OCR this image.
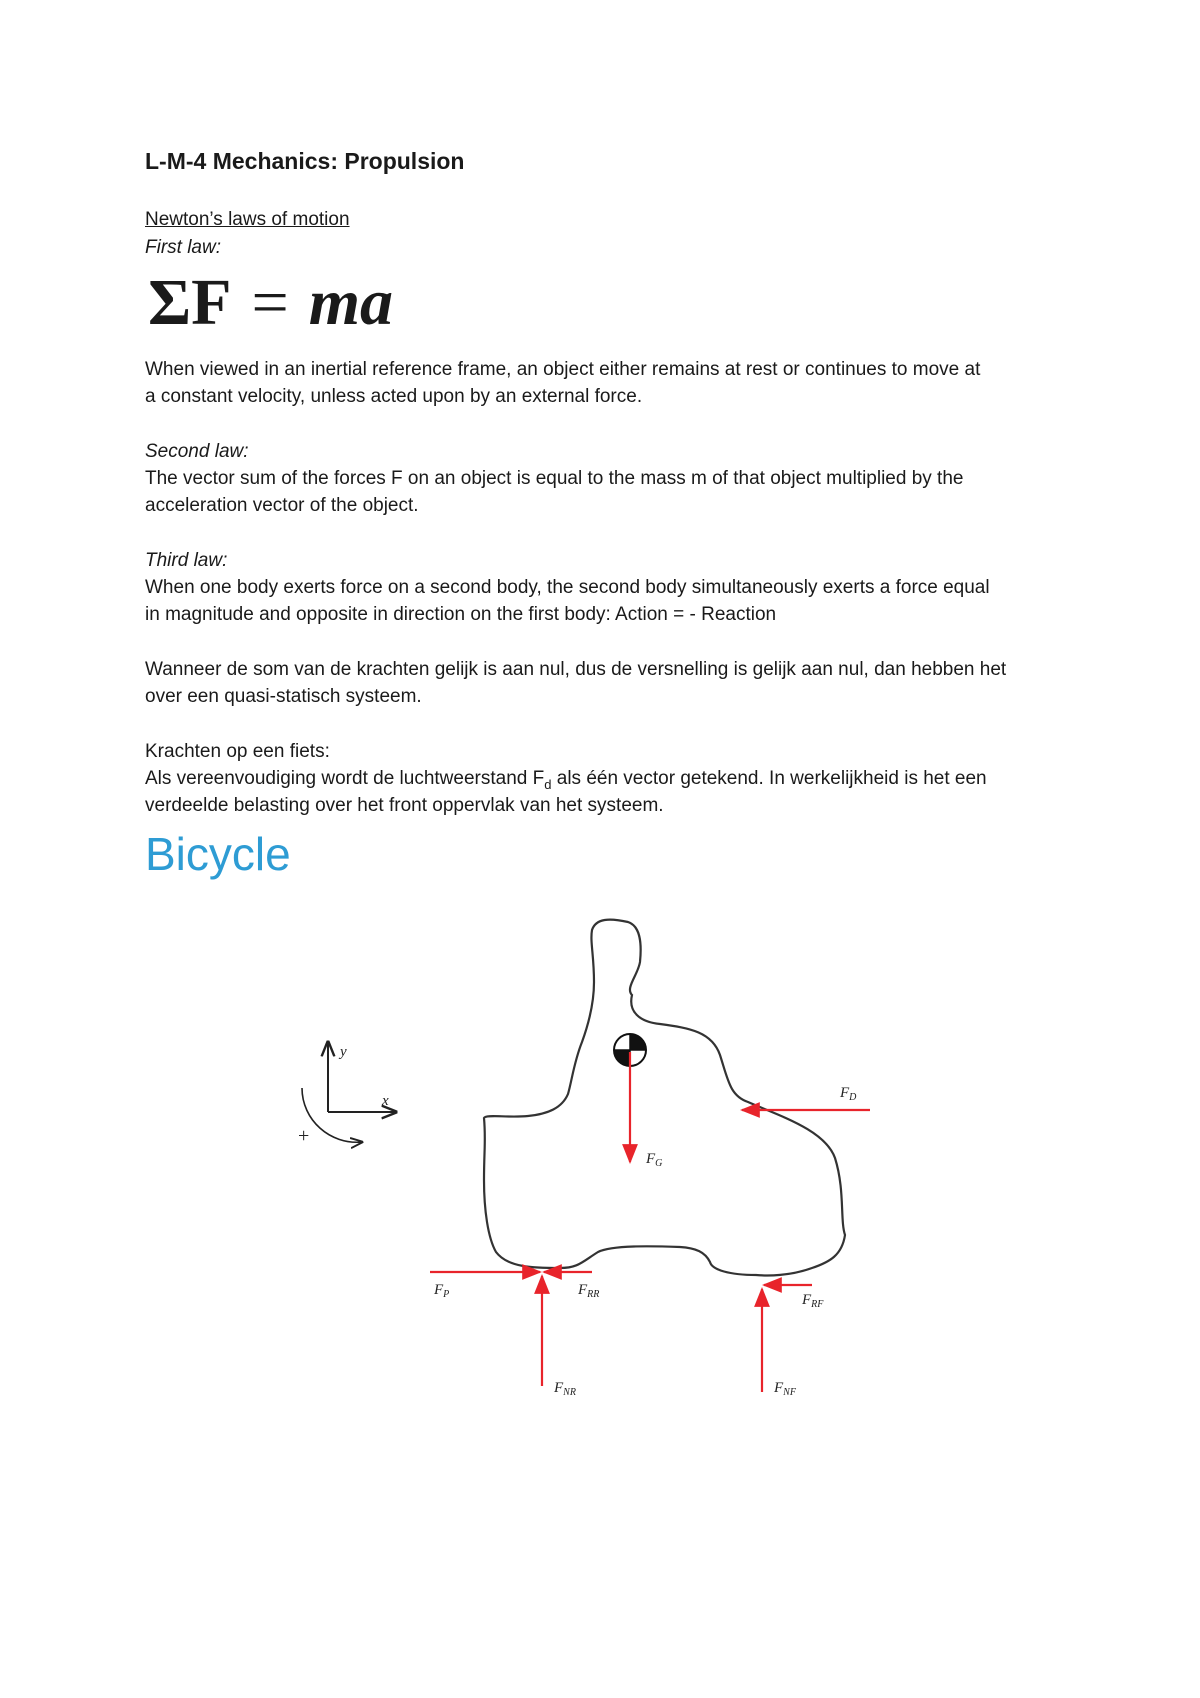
L-M-4 Mechanics: Propulsion
Newton’s laws of motion
First law:
ΣF = ma
When viewed in an inertial reference frame, an object either remains at rest or continues to move at
a constant velocity, unless acted upon by an external force.
Second law:
The vector sum of the forces F on an object is equal to the mass m of that object multiplied by the
acceleration vector of the object.
Third law:
When one body exerts force on a second body, the second body simultaneously exerts a force equal
in magnitude and opposite in direction on the first body: Action = - Reaction
Wanneer de som van de krachten gelijk is aan nul, dus de versnelling is gelijk aan nul, dan hebben het
over een quasi-statisch systeem.
Krachten op een fiets:
Als vereenvoudiging wordt de luchtweerstand $F_d$ als één vector getekend. In werkelijkheid is het een
verdeelde belasting over het front oppervlak van het systeem.
Bicycle
y
x
+
$F_D$
$F_G$
$F_P$	$F_{RR}$	$F_{RF}$
$F_{NR}$	$F_{NF}$
